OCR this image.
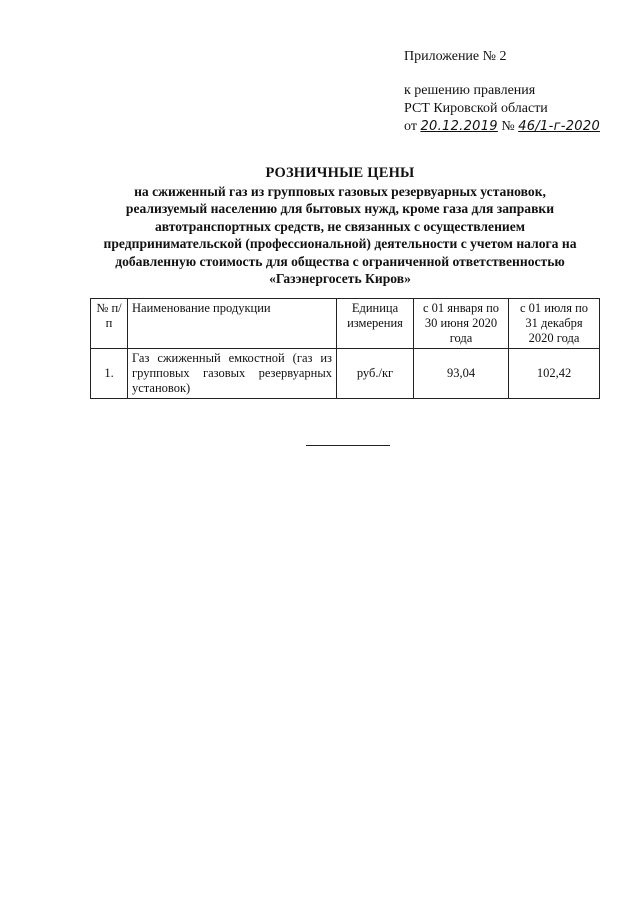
Приложение № 2
к решению правления
РСТ Кировской области
от 20.12.2019 № 46/1-г-2020
РОЗНИЧНЫЕ ЦЕНЫ
на сжиженный газ из групповых газовых резервуарных установок, реализуемый населению для бытовых нужд, кроме газа для заправки автотранспортных средств, не связанных с осуществлением предпринимательской (профессиональной) деятельности с учетом налога на добавленную стоимость для общества с ограниченной ответственностью «Газэнергосеть Киров»
№ п/п	Наименование продукции	Единица измерения	с 01 января по 30 июня 2020 года	с 01 июля по 31 декабря 2020 года
1.	Газ сжиженный емкостной (газ из групповых газовых резервуарных установок)	руб./кг	93,04	102,42
